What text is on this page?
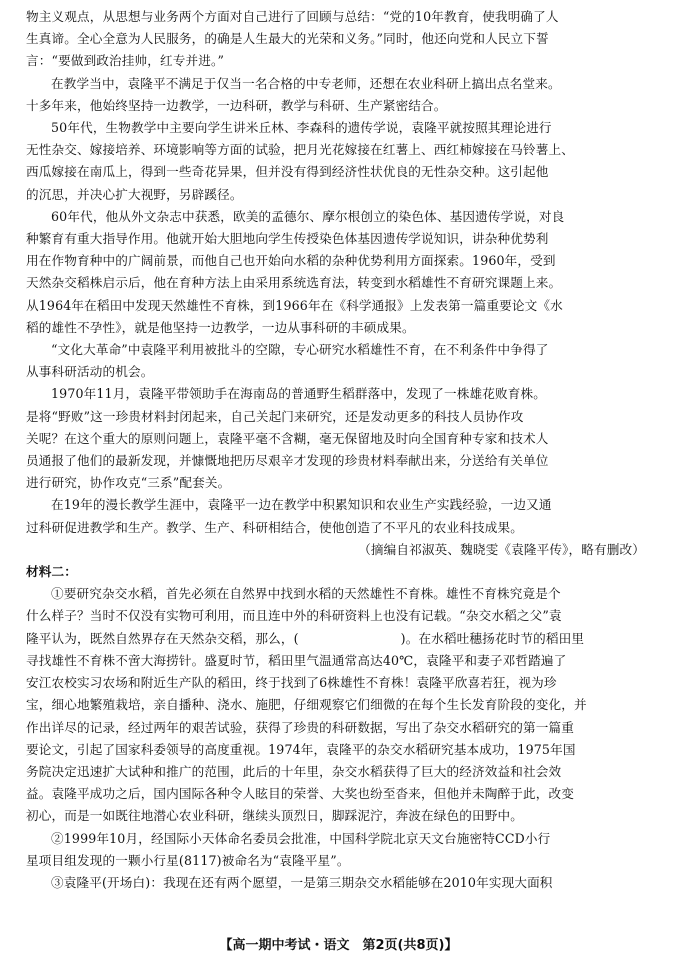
物主义观点，从思想与业务两个方面对自己进行了回顾与总结：“党的10年教育，使我明确了人
生真谛。全心全意为人民服务，的确是人生最大的光荣和义务。”同时，他还向党和人民立下誓
言：“要做到政治挂帅，红专并进。”
在教学当中，袁隆平不满足于仅当一名合格的中专老师，还想在农业科研上搞出点名堂来。
十多年来，他始终坚持一边教学，一边科研，教学与科研、生产紧密结合。
50年代，生物教学中主要向学生讲米丘林、李森科的遗传学说，袁隆平就按照其理论进行
无性杂交、嫁接培养、环境影响等方面的试验，把月光花嫁接在红薯上、西红柿嫁接在马铃薯上、
西瓜嫁接在南瓜上，得到一些奇花异果，但并没有得到经济性状优良的无性杂交种。这引起他
的沉思，并决心扩大视野，另辟蹊径。
60年代，他从外文杂志中获悉，欧美的孟德尔、摩尔根创立的染色体、基因遗传学说，对良
种繁育有重大指导作用。他就开始大胆地向学生传授染色体基因遗传学说知识，讲杂种优势利
用在作物育种中的广阔前景，而他自己也开始向水稻的杂种优势利用方面探索。1960年，受到
天然杂交稻株启示后，他在育种方法上由采用系统选育法，转变到水稻雄性不育研究课题上来。
从1964年在稻田中发现天然雄性不育株，到1966年在《科学通报》上发表第一篇重要论文《水
稻的雄性不孕性》，就是他坚持一边教学，一边从事科研的丰硕成果。
“文化大革命”中袁隆平利用被批斗的空隙，专心研究水稻雄性不育，在不利条件中争得了
从事科研活动的机会。
1970年11月，袁隆平带领助手在海南岛的普通野生稻群落中，发现了一株雄花败育株。
是将“野败”这一珍贵材料封闭起来，自己关起门来研究，还是发动更多的科技人员协作攻
关呢？在这个重大的原则问题上，袁隆平毫不含糊，毫无保留地及时向全国育种专家和技术人
员通报了他们的最新发现，并慷慨地把历尽艰辛才发现的珍贵材料奉献出来，分送给有关单位
进行研究，协作攻克“三系”配套关。
在19年的漫长教学生涯中，袁隆平一边在教学中积累知识和农业生产实践经验，一边又通
过科研促进教学和生产。教学、生产、科研相结合，使他创造了不平凡的农业科技成果。
（摘编自祁淑英、魏晓雯《袁隆平传》，略有删改）
材料二：
①要研究杂交水稻，首先必须在自然界中找到水稻的天然雄性不育株。雄性不育株究竟是个
什么样子？当时不仅没有实物可利用，而且连中外的科研资料上也没有记载。“杂交水稻之父”袁
隆平认为，既然自然界存在天然杂交稻，那么，(　　　　　　　　)。在水稻吐穗扬花时节的稻田里
寻找雄性不育株不啻大海捞针。盛夏时节，稻田里气温通常高达40℃，袁隆平和妻子邓哲踏遍了
安江农校实习农场和附近生产队的稻田，终于找到了6株雄性不育株！袁隆平欣喜若狂，视为珍
宝，细心地繁殖栽培，亲自播种、浇水、施肥，仔细观察它们细微的在每个生长发育阶段的变化，并
作出详尽的记录，经过两年的艰苦试验，获得了珍贵的科研数据，写出了杂交水稻研究的第一篇重
要论文，引起了国家科委领导的高度重视。1974年，袁隆平的杂交水稻研究基本成功，1975年国
务院决定迅速扩大试种和推广的范围，此后的十年里，杂交水稻获得了巨大的经济效益和社会效
益。袁隆平成功之后，国内国际各种令人眩目的荣誉、大奖也纷至沓来，但他并未陶醉于此，改变
初心，而是一如既往地潜心农业科研，继续头顶烈日，脚踩泥泞，奔波在绿色的田野中。
②1999年10月，经国际小天体命名委员会批准，中国科学院北京天文台施密特CCD小行
星项目组发现的一颗小行星(8117)被命名为“袁隆平星”。
③袁隆平(开场白)：我现在还有两个愿望，一是第三期杂交水稻能够在2010年实现大面积
【高一期中考试・语文　第2页(共8页)】
